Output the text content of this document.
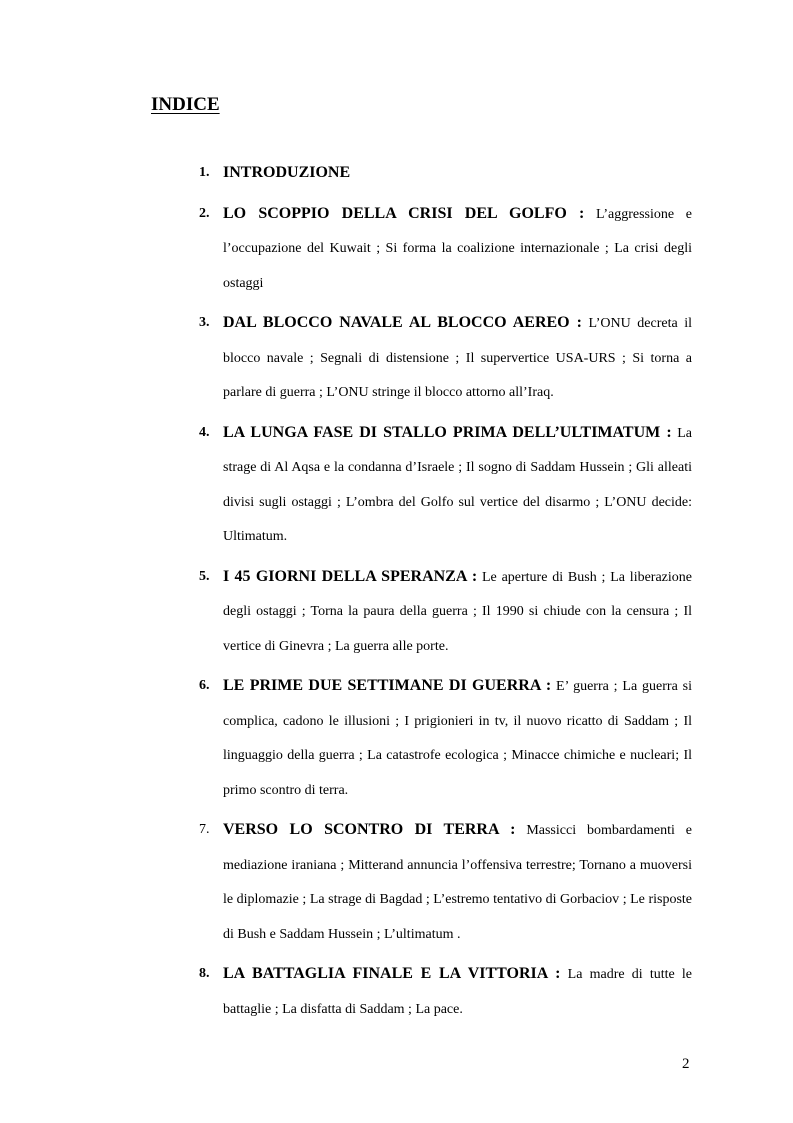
INDICE
1. INTRODUZIONE
2. LO SCOPPIO DELLA CRISI DEL GOLFO : L’aggressione e l’occupazione del Kuwait ; Si forma la coalizione internazionale ; La crisi degli ostaggi
3. DAL BLOCCO NAVALE AL BLOCCO AEREO : L’ONU decreta il blocco navale ; Segnali di distensione ; Il supervertice USA-URS ; Si torna a parlare di guerra ; L’ONU stringe il blocco attorno all’Iraq.
4. LA LUNGA FASE DI STALLO PRIMA DELL’ULTIMATUM : La strage di Al Aqsa e la condanna d’Israele ; Il sogno di Saddam Hussein ; Gli alleati divisi sugli ostaggi ; L’ombra del Golfo sul vertice del disarmo ; L’ONU decide: Ultimatum.
5. I 45 GIORNI DELLA SPERANZA : Le aperture di Bush ; La liberazione degli ostaggi ; Torna la paura della guerra ; Il 1990 si chiude con la censura ; Il vertice di Ginevra ; La guerra alle porte.
6. LE PRIME DUE SETTIMANE DI GUERRA : E’ guerra ; La guerra si complica, cadono le illusioni ; I prigionieri in tv, il nuovo ricatto di Saddam ; Il linguaggio della guerra ; La catastrofe ecologica ; Minacce chimiche e nucleari; Il primo scontro di terra.
7. VERSO LO SCONTRO DI TERRA : Massicci bombardamenti e mediazione iraniana ; Mitterand annuncia l’offensiva terrestre; Tornano a muoversi le diplomazie ; La strage di Bagdad ; L’estremo tentativo di Gorbaciov ; Le risposte di Bush e Saddam Hussein ; L’ultimatum .
8. LA BATTAGLIA FINALE E LA VITTORIA : La madre di tutte le battaglie ; La disfatta di Saddam ; La pace.
2
